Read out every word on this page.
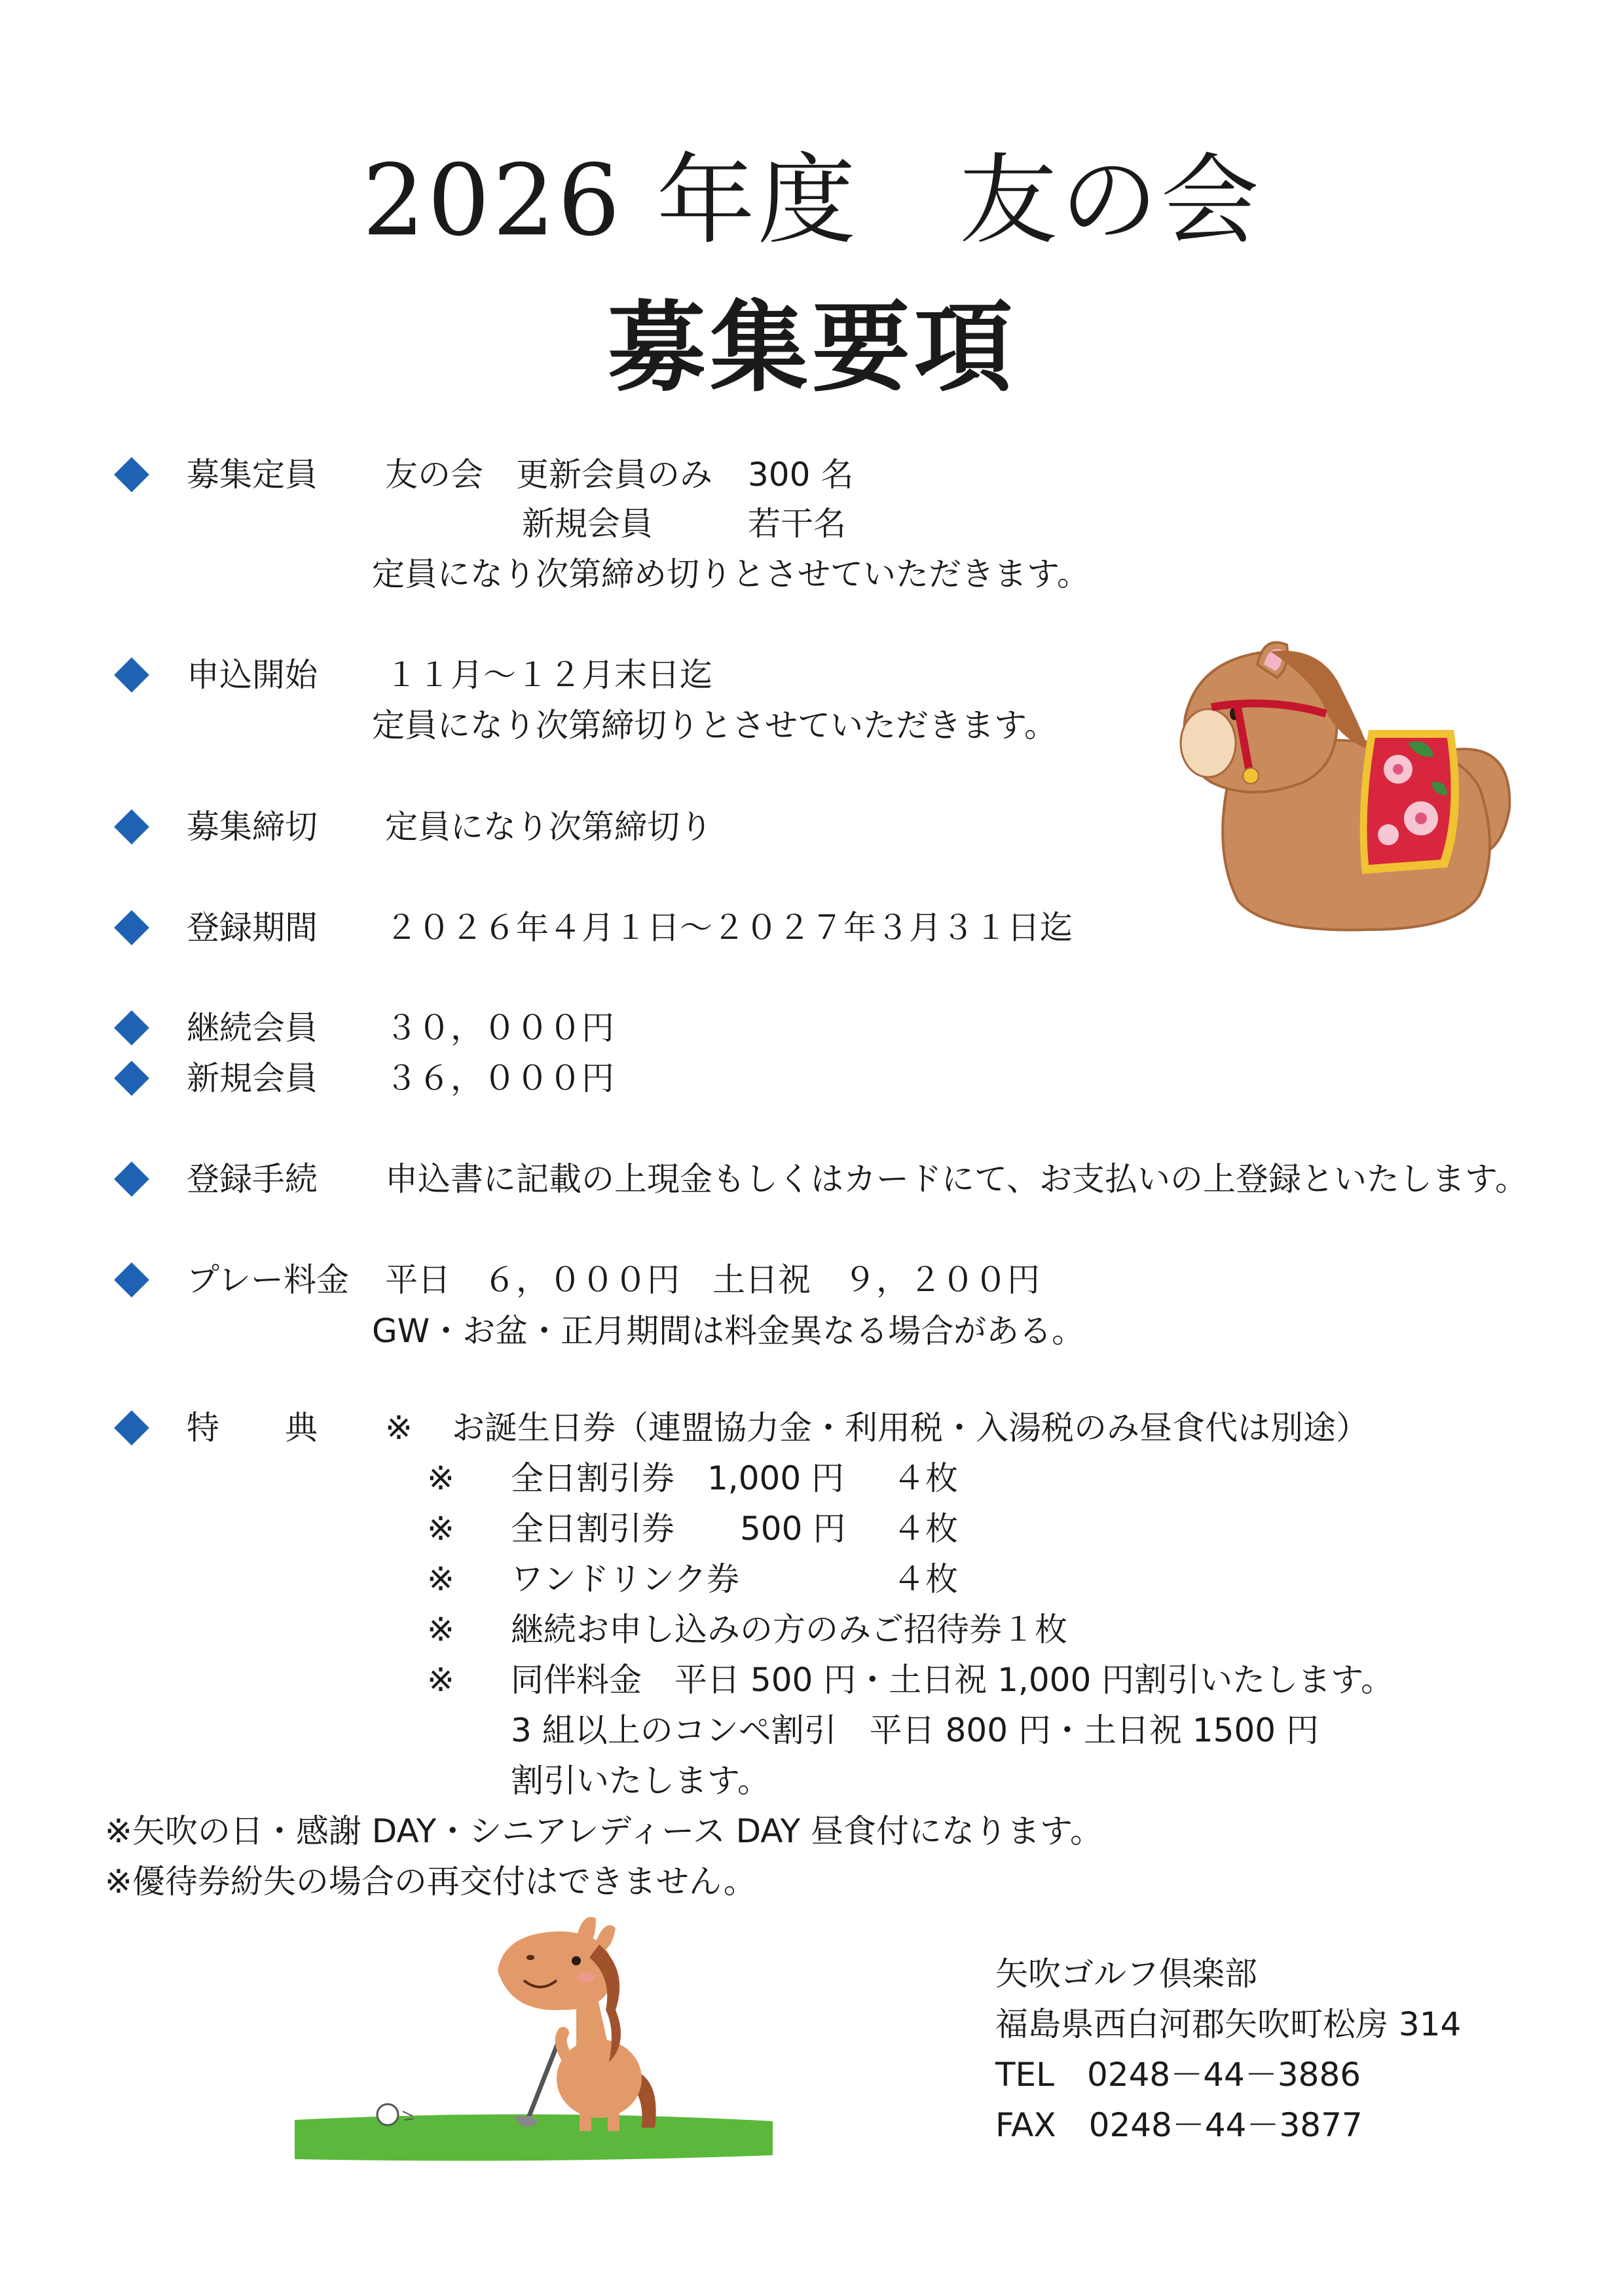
2026 年度　友の会
募集要項
募集定員 友の会　更新会員のみ 300 名
新規会員	若干名
定員になり次第締め切りとさせていただきます。
申込開始 １１月～１２月末日迄
定員になり次第締切りとさせていただきます。
募集締切 定員になり次第締切り
登録期間 ２０２６年４月１日～２０２７年３月３１日迄
継続会員 ３０，０００円
新規会員 ３６，０００円
登録手続 申込書に記載の上現金もしくはカードにて、お支払いの上登録といたします。
プレー料金 平日　６，０００円　土日祝　９，２００円
GW・お盆・正月期間は料金異なる場合がある。
特　　典 ※ お誕生日券（連盟協力金・利用税・入湯税のみ昼食代は別途）
※ 全日割引券　1,000 円 ４枚
※ 全日割引券　　500 円 ４枚
※ ワンドリンク券	４枚
※ 継続お申し込みの方のみご招待券１枚
※ 同伴料金　平日 500 円・土日祝 1,000 円割引いたします。
3 組以上のコンペ割引　平日 800 円・土日祝 1500 円
割引いたします。
※矢吹の日・感謝 DAY・シニアレディース DAY 昼食付になります。
※優待券紛失の場合の再交付はできません。
矢吹ゴルフ倶楽部
福島県西白河郡矢吹町松房 314
TEL　0248－44－3886
FAX　0248－44－3877
